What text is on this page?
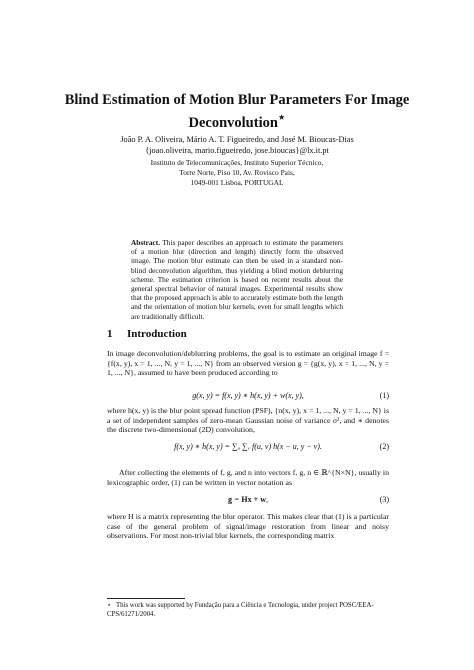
Blind Estimation of Motion Blur Parameters For Image Deconvolution⋆
João P. A. Oliveira, Mário A. T. Figueiredo, and José M. Bioucas-Dias
{joao.oliveira, mario.figueiredo, jose.bioucas}@lx.it.pt
Instituto de Telecomunicações, Instituto Superior Técnico,
Torre Norte, Piso 10, Av. Rovisco Pais,
1049-001 Lisboa, PORTUGAL
Abstract. This paper describes an approach to estimate the parameters of a motion blur (direction and length) directly form the observed image. The motion blur estimate can then be used in a standard non-blind deconvolution algorithm, thus yielding a blind motion deblurring scheme. The estimation criterion is based on recent results about the general spectral behavior of natural images. Experimental results show that the proposed approach is able to accurately estimate both the length and the orientation of motion blur kernels, even for small lengths which are traditionally difficult.
1 Introduction
In image deconvolution/deblurring problems, the goal is to estimate an original image f = {f(x, y), x = 1, ..., N, y = 1, ..., N} from an observed version g = {g(x, y), x = 1, ..., N, y = 1, ..., N}, assumed to have been produced according to
g(x, y) = f(x, y) ∗ h(x, y) + w(x, y),	(1)
where h(x, y) is the blur point spread function (PSF), {n(x, y), x = 1, ..., N, y = 1, ..., N} is a set of independent samples of zero-mean Gaussian noise of variance σ², and ∗ denotes the discrete two-dimensional (2D) convolution,
f(x, y) ∗ h(x, y) = ∑ᵤ ∑ᵥ f(u, v) h(x − u, y − v).	(2)
After collecting the elements of f, g, and n into vectors f, g, n ∈ ℝ^{N×N}, usually in lexicographic order, (1) can be written in vector notation as
g = Hx + w,	(3)
where H is a matrix representing the blur operator. This makes clear that (1) is a particular case of the general problem of signal/image restoration from linear and noisy observations. For most non-trivial blur kernels, the corresponding matrix
⋆ This work was supported by Fundação para a Ciência e Tecnologia, under project POSC/EEA-CPS/61271/2004.
